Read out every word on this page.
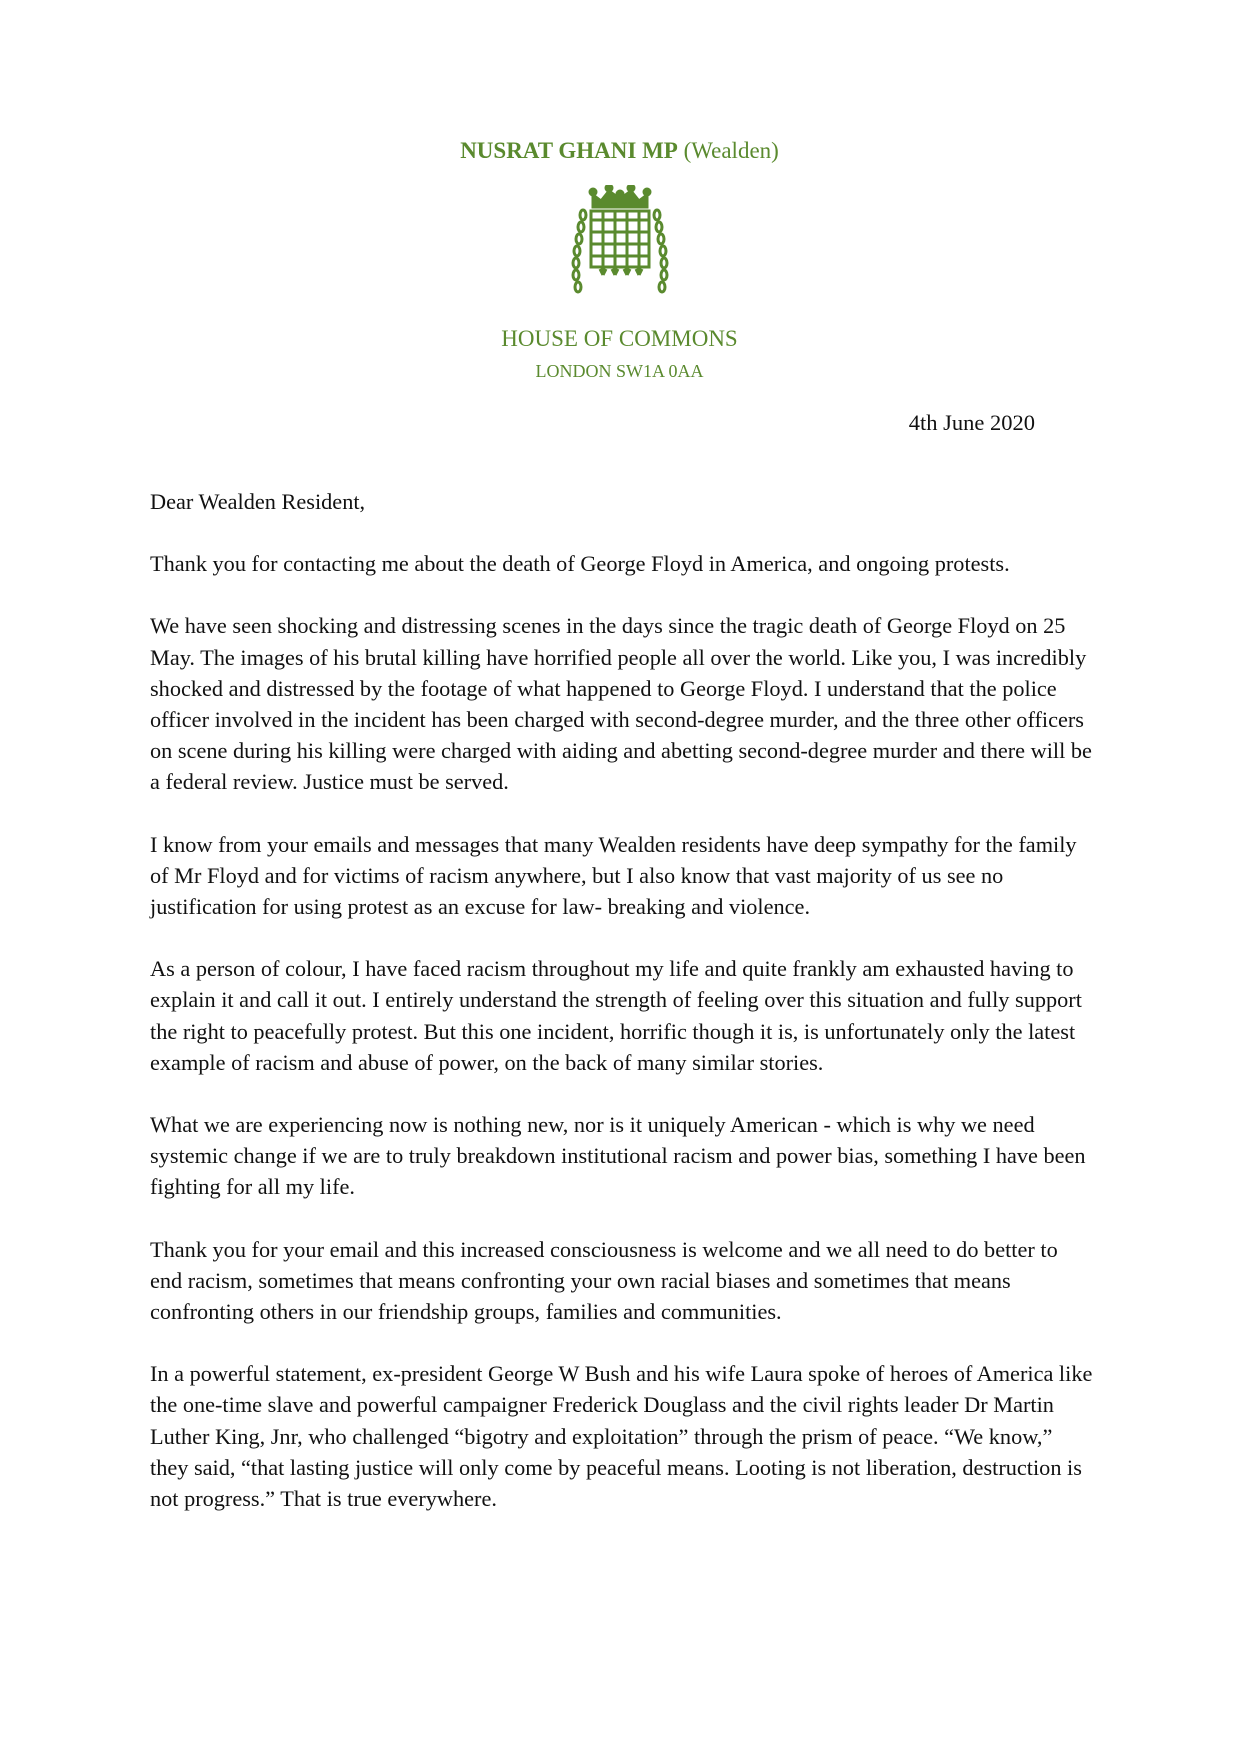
NUSRAT GHANI MP (Wealden)
HOUSE OF COMMONS
LONDON SW1A 0AA
4th June 2020

Dear Wealden Resident,

Thank you for contacting me about the death of George Floyd in America, and ongoing protests.

We have seen shocking and distressing scenes in the days since the tragic death of George Floyd on 25 May. The images of his brutal killing have horrified people all over the world. Like you, I was incredibly shocked and distressed by the footage of what happened to George Floyd. I understand that the police officer involved in the incident has been charged with second-degree murder, and the three other officers on scene during his killing were charged with aiding and abetting second-degree murder and there will be a federal review. Justice must be served.

I know from your emails and messages that many Wealden residents have deep sympathy for the family of Mr Floyd and for victims of racism anywhere, but I also know that vast majority of us see no justification for using protest as an excuse for law- breaking and violence.

As a person of colour, I have faced racism throughout my life and quite frankly am exhausted having to explain it and call it out. I entirely understand the strength of feeling over this situation and fully support the right to peacefully protest. But this one incident, horrific though it is, is unfortunately only the latest example of racism and abuse of power, on the back of many similar stories.

What we are experiencing now is nothing new, nor is it uniquely American - which is why we need systemic change if we are to truly breakdown institutional racism and power bias, something I have been fighting for all my life.

Thank you for your email and this increased consciousness is welcome and we all need to do better to end racism, sometimes that means confronting your own racial biases and sometimes that means confronting others in our friendship groups, families and communities.

In a powerful statement, ex-president George W Bush and his wife Laura spoke of heroes of America like the one-time slave and powerful campaigner Frederick Douglass and the civil rights leader Dr Martin Luther King, Jnr, who challenged “bigotry and exploitation” through the prism of peace. “We know,” they said, “that lasting justice will only come by peaceful means. Looting is not liberation, destruction is not progress.” That is true everywhere.
